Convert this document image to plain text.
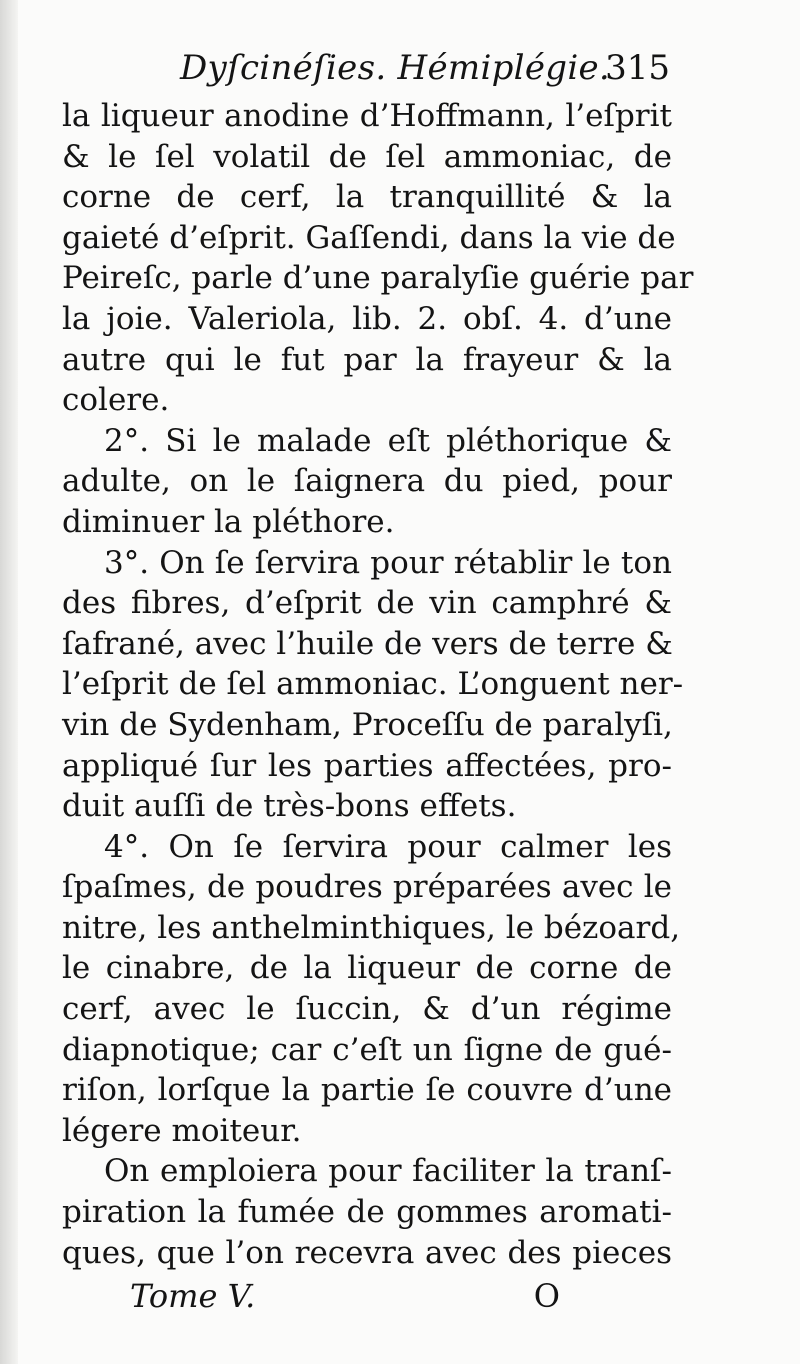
Dyſcinéſies. Hémiplégie.
315
la liqueur anodine d’Hoffmann, l’eſprit
& le ſel volatil de ſel ammoniac, de
corne de cerf, la tranquillité & la
gaieté d’eſprit. Gaſſendi, dans la vie de
Peireſc, parle d’une paralyſie guérie par
la joie. Valeriola, lib. 2. obſ. 4. d’une
autre qui le fut par la frayeur & la
colere.
2°. Si le malade eſt pléthorique &
adulte, on le ſaignera du pied, pour
diminuer la pléthore.
3°. On ſe ſervira pour rétablir le ton
des fibres, d’eſprit de vin camphré &
ſafrané, avec l’huile de vers de terre &
l’eſprit de ſel ammoniac. L’onguent ner-
vin de Sydenham, Proceſſu de paralyſi,
appliqué ſur les parties affectées, pro-
duit auſſi de très-bons effets.
4°. On ſe ſervira pour calmer les
ſpaſmes, de poudres préparées avec le
nitre, les anthelminthiques, le bézoard,
le cinabre, de la liqueur de corne de
cerf, avec le ſuccin, & d’un régime
diapnotique; car c’eſt un ſigne de gué-
riſon, lorſque la partie ſe couvre d’une
légere moiteur.
On emploiera pour faciliter la tranſ-
piration la fumée de gommes aromati-
ques, que l’on recevra avec des pieces
Tome V.	O
